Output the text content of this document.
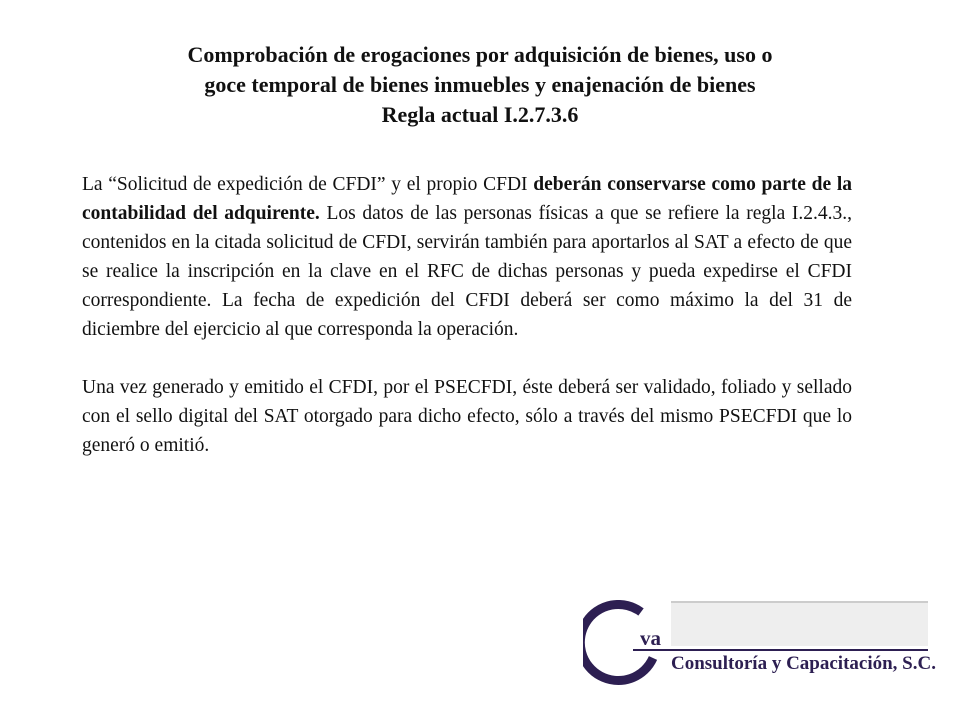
Comprobación de erogaciones por adquisición de bienes, uso o
goce temporal de bienes inmuebles y enajenación de bienes
Regla actual I.2.7.3.6

La “Solicitud de expedición de CFDI” y el propio CFDI deberán conservarse como parte de la contabilidad del adquirente. Los datos de las personas físicas a que se refiere la regla I.2.4.3., contenidos en la citada solicitud de CFDI, servirán también para aportarlos al SAT a efecto de que se realice la inscripción en la clave en el RFC de dichas personas y pueda expedirse el CFDI correspondiente. La fecha de expedición del CFDI deberá ser como máximo la del 31 de diciembre del ejercicio al que corresponda la operación.

Una vez generado y emitido el CFDI, por el PSECFDI, éste deberá ser validado, foliado y sellado con el sello digital del SAT otorgado para dicho efecto, sólo a través del mismo PSECFDI que lo generó o emitió.

va
Consultoría y Capacitación, S.C.
